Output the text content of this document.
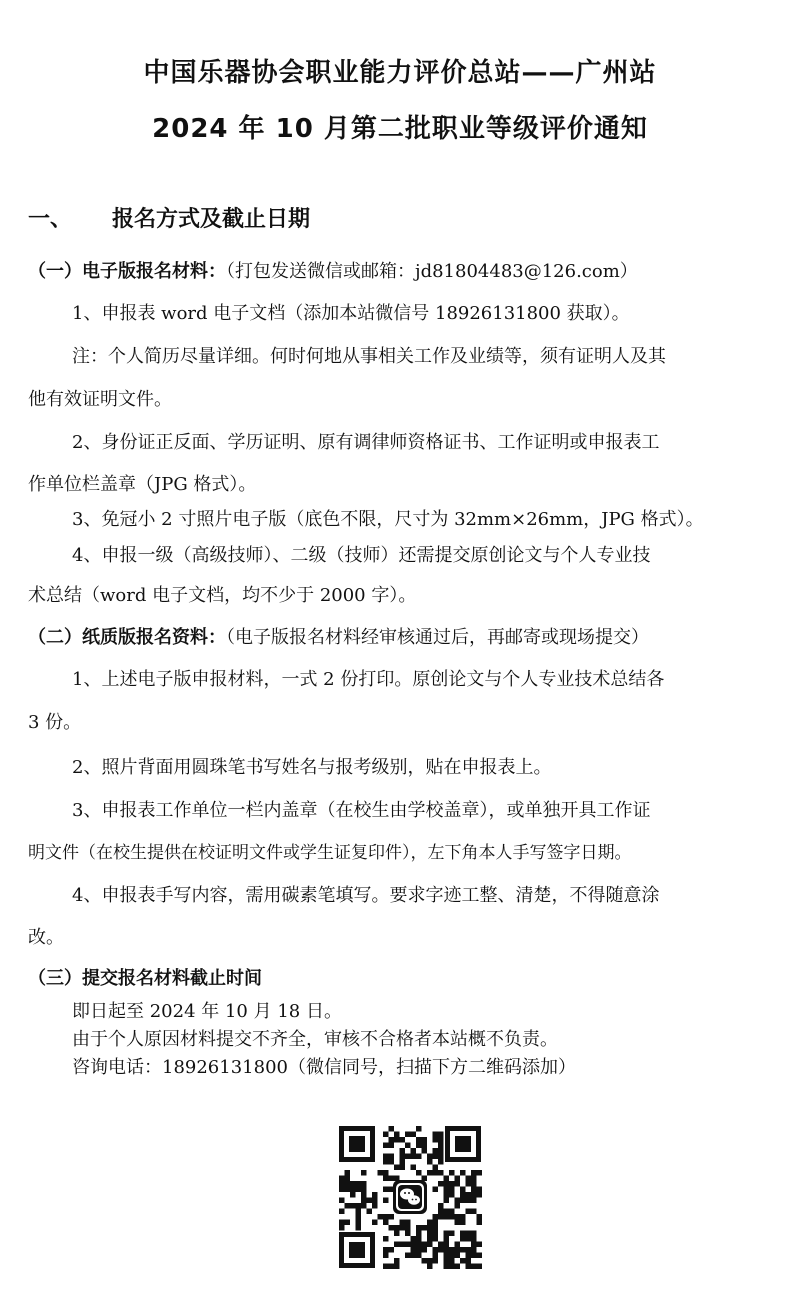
中国乐器协会职业能力评价总站——广州站
2024 年 10 月第二批职业等级评价通知
一、 报名方式及截止日期
（一）电子版报名材料：（打包发送微信或邮箱：jd81804483@126.com）
1、申报表 word 电子文档（添加本站微信号 18926131800 获取）。
注：个人简历尽量详细。何时何地从事相关工作及业绩等，须有证明人及其
他有效证明文件。
2、身份证正反面、学历证明、原有调律师资格证书、工作证明或申报表工
作单位栏盖章（JPG 格式）。
3、免冠小 2 寸照片电子版（底色不限，尺寸为 32mm×26mm，JPG 格式）。
4、申报一级（高级技师）、二级（技师）还需提交原创论文与个人专业技
术总结（word 电子文档，均不少于 2000 字）。
（二）纸质版报名资料：（电子版报名材料经审核通过后，再邮寄或现场提交）
1、上述电子版申报材料，一式 2 份打印。原创论文与个人专业技术总结各
3 份。
2、照片背面用圆珠笔书写姓名与报考级别，贴在申报表上。
3、申报表工作单位一栏内盖章（在校生由学校盖章），或单独开具工作证
明文件（在校生提供在校证明文件或学生证复印件），左下角本人手写签字日期。
4、申报表手写内容，需用碳素笔填写。要求字迹工整、清楚，不得随意涂
改。
（三）提交报名材料截止时间
即日起至 2024 年 10 月 18 日。
由于个人原因材料提交不齐全，审核不合格者本站概不负责。
咨询电话：18926131800（微信同号，扫描下方二维码添加）
